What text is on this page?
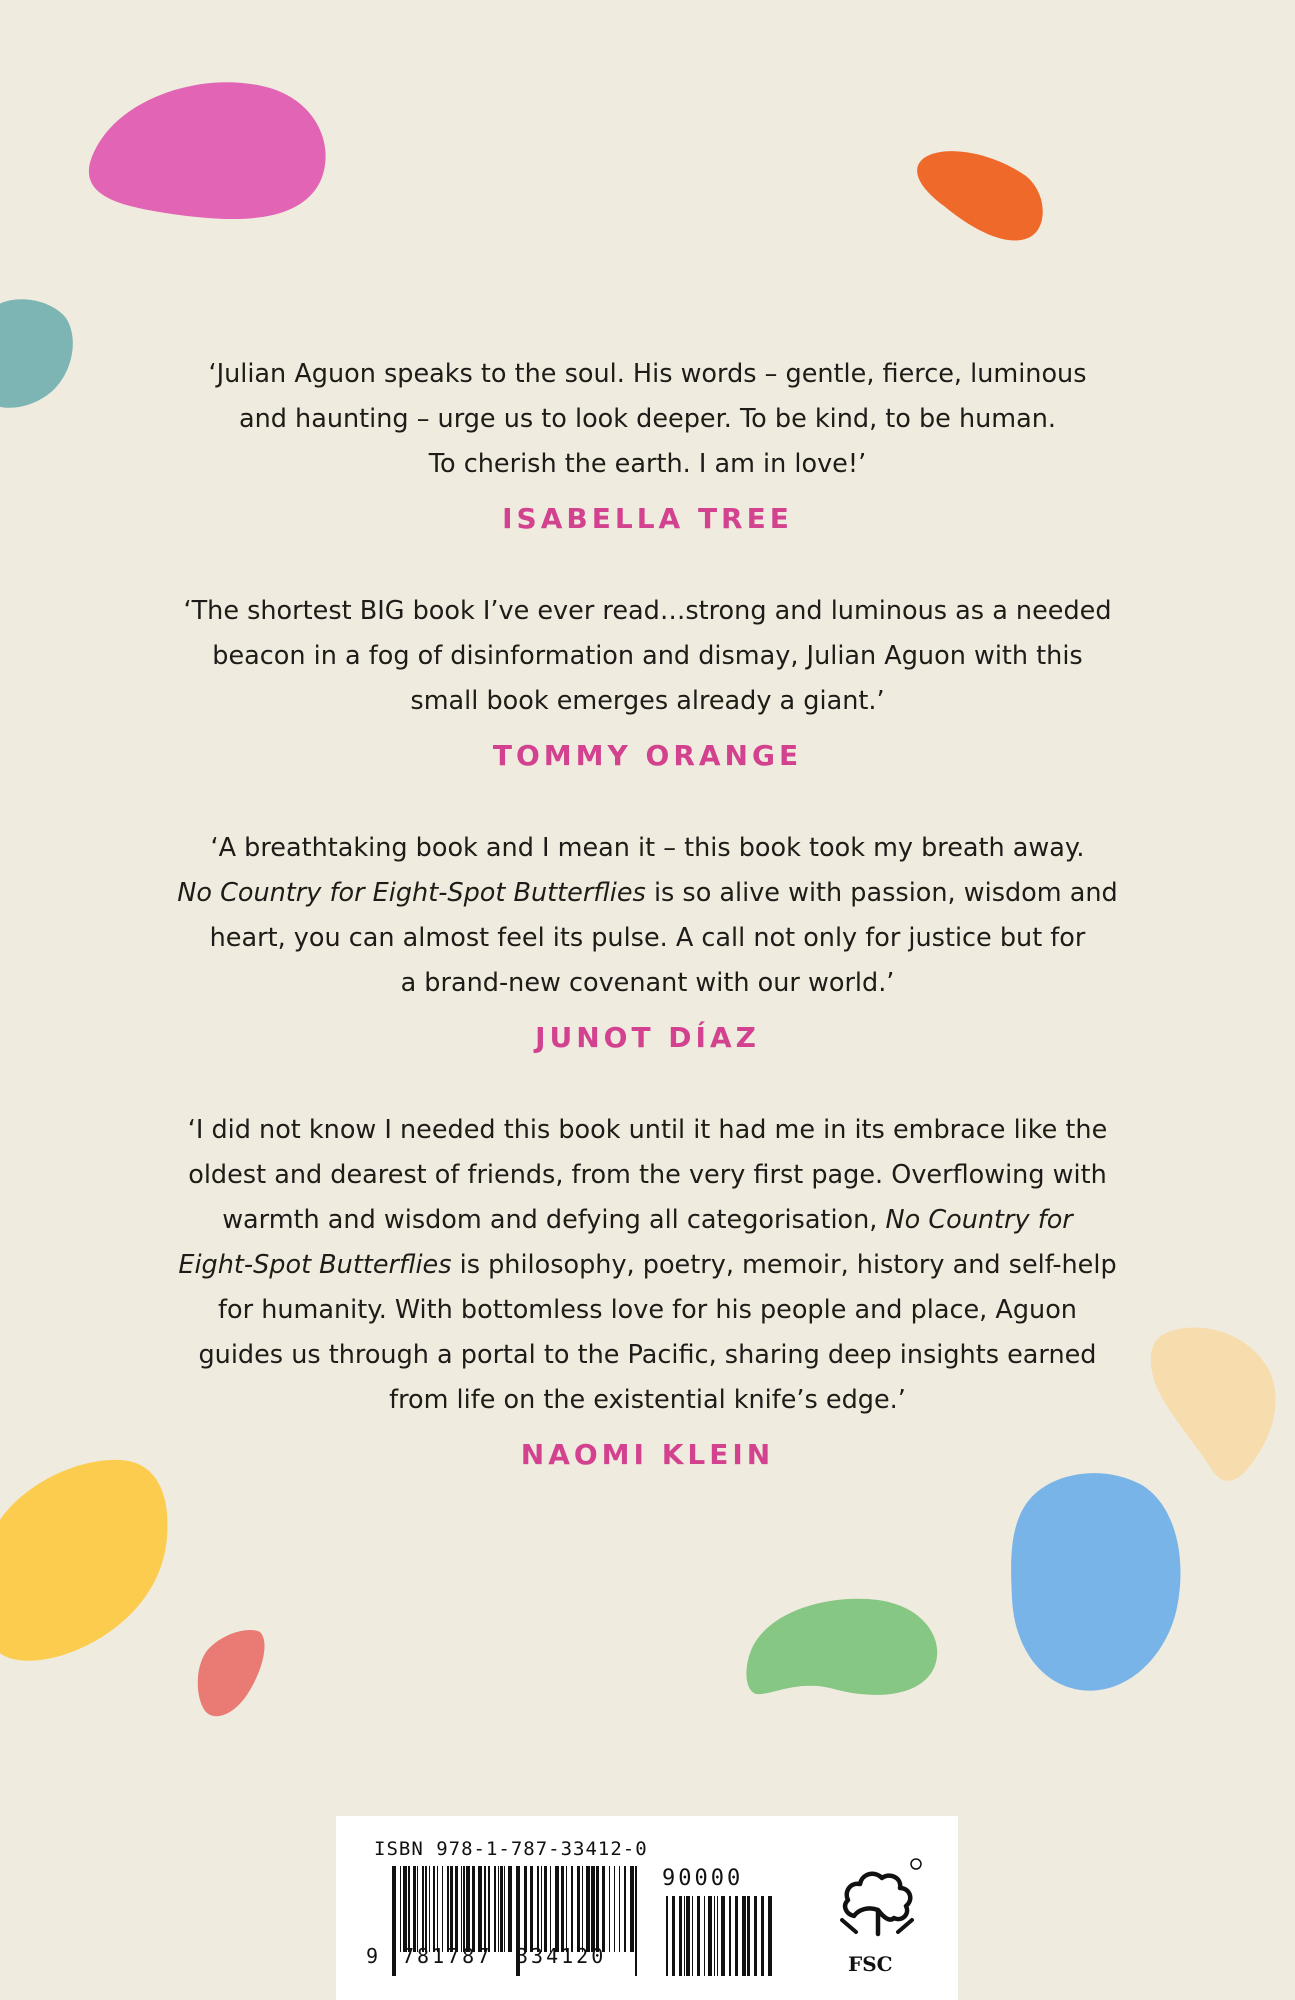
‘Julian Aguon speaks to the soul. His words – gentle, fierce, luminous

and haunting – urge us to look deeper. To be kind, to be human.

To cherish the earth. I am in love!’

ISABELLA TREE

‘The shortest BIG book I’ve ever read…strong and luminous as a needed

beacon in a fog of disinformation and dismay, Julian Aguon with this

small book emerges already a giant.’

TOMMY ORANGE

‘A breathtaking book and I mean it – this book took my breath away.

No Country for Eight-Spot Butterflies is so alive with passion, wisdom and

heart, you can almost feel its pulse. A call not only for justice but for

a brand-new covenant with our world.’

JUNOT DÍAZ

‘I did not know I needed this book until it had me in its embrace like the

oldest and dearest of friends, from the very first page. Overflowing with

warmth and wisdom and defying all categorisation, No Country for

Eight-Spot Butterflies is philosophy, poetry, memoir, history and self-help

for humanity. With bottomless love for his people and place, Aguon

guides us through a portal to the Pacific, sharing deep insights earned

from life on the existential knife’s edge.’

NAOMI KLEIN

ISBN 978-1-787-33412-0
9 781787 334120
90000
FSC
